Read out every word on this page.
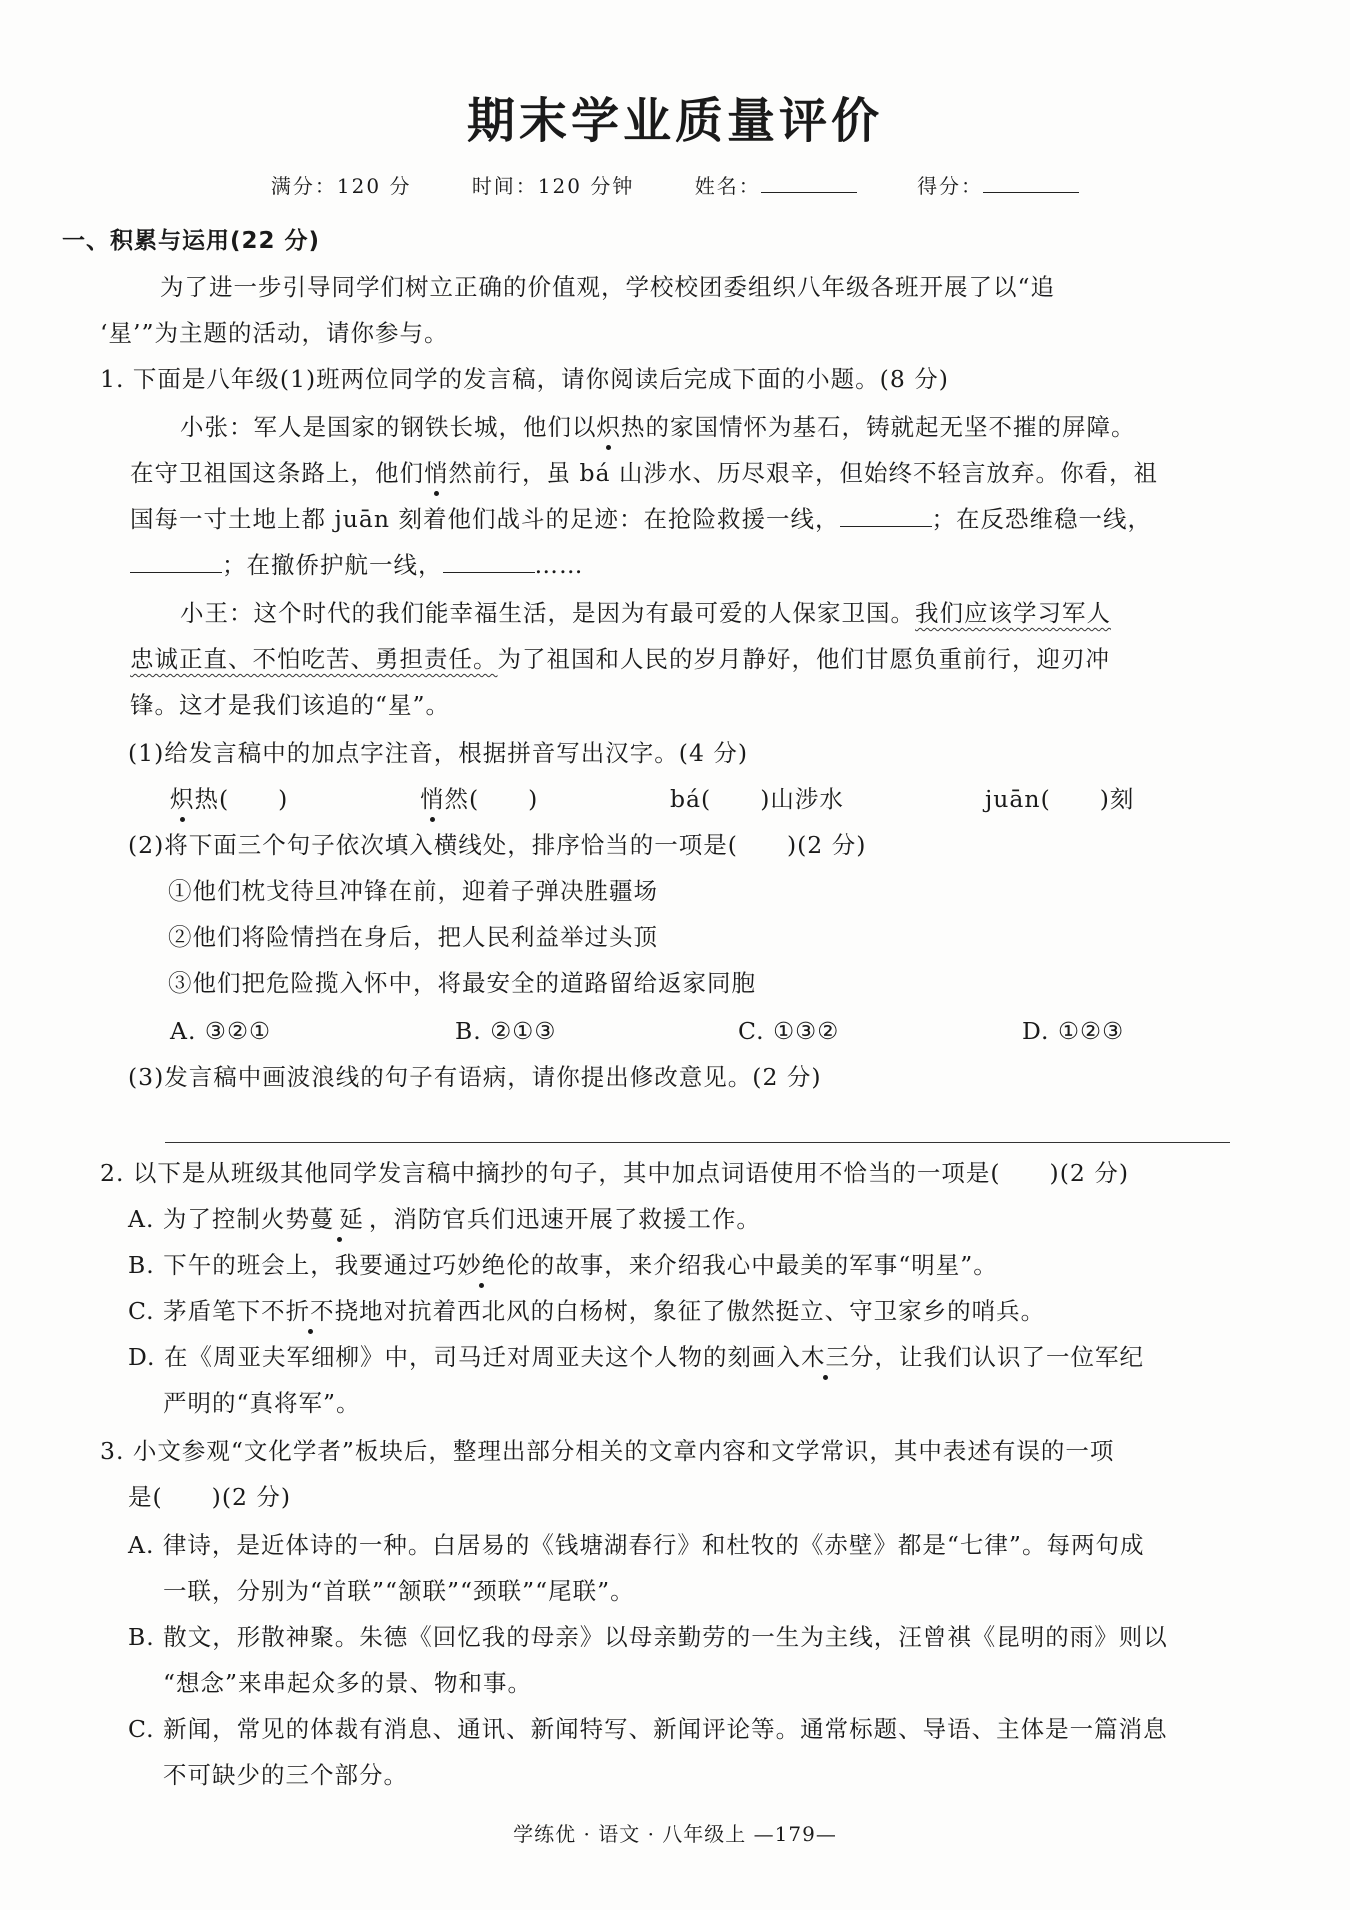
期末学业质量评价
满分：120 分	时间：120 分钟	姓名：	得分：
一、积累与运用(22 分)
为了进一步引导同学们树立正确的价值观，学校校团委组织八年级各班开展了以“追
‘星’”为主题的活动，请你参与。
1. 下面是八年级(1)班两位同学的发言稿，请你阅读后完成下面的小题。(8 分)
小张：军人是国家的钢铁长城，他们以炽热的家国情怀为基石，铸就起无坚不摧的屏障。
在守卫祖国这条路上，他们悄然前行，虽 bá 山涉水、历尽艰辛，但始终不轻言放弃。你看，祖
国每一寸土地上都 juān 刻着他们战斗的足迹：在抢险救援一线，	；在反恐维稳一线，
；在撤侨护航一线，	……
小王：这个时代的我们能幸福生活，是因为有最可爱的人保家卫国。我们应该学习军人
忠诚正直、不怕吃苦、勇担责任。为了祖国和人民的岁月静好，他们甘愿负重前行，迎刃冲
锋。这才是我们该追的“星”。
(1)给发言稿中的加点字注音，根据拼音写出汉字。(4 分)
炽热(　　)	悄然(　　)	bá(　　)山涉水	juān(　　)刻
(2)将下面三个句子依次填入横线处，排序恰当的一项是(　　)(2 分)
①他们枕戈待旦冲锋在前，迎着子弹决胜疆场
②他们将险情挡在身后，把人民利益举过头顶
③他们把危险揽入怀中，将最安全的道路留给返家同胞
A. ③②①	B. ②①③	C. ①③②	D. ①②③
(3)发言稿中画波浪线的句子有语病，请你提出修改意见。(2 分)
2. 以下是从班级其他同学发言稿中摘抄的句子，其中加点词语使用不恰当的一项是(　　)(2 分)
A. 为了控制火势蔓延，消防官兵们迅速开展了救援工作。
B. 下午的班会上，我要通过巧妙绝伦的故事，来介绍我心中最美的军事“明星”。
C. 茅盾笔下不折不挠地对抗着西北风的白杨树，象征了傲然挺立、守卫家乡的哨兵。
D. 在《周亚夫军细柳》中，司马迁对周亚夫这个人物的刻画入木三分，让我们认识了一位军纪
严明的“真将军”。
3. 小文参观“文化学者”板块后，整理出部分相关的文章内容和文学常识，其中表述有误的一项
是(　　)(2 分)
A. 律诗，是近体诗的一种。白居易的《钱塘湖春行》和杜牧的《赤壁》都是“七律”。每两句成
一联，分别为“首联”“颔联”“颈联”“尾联”。
B. 散文，形散神聚。朱德《回忆我的母亲》以母亲勤劳的一生为主线，汪曾祺《昆明的雨》则以
“想念”来串起众多的景、物和事。
C. 新闻，常见的体裁有消息、通讯、新闻特写、新闻评论等。通常标题、导语、主体是一篇消息
不可缺少的三个部分。
学练优 · 语文 · 八年级上 —179—
